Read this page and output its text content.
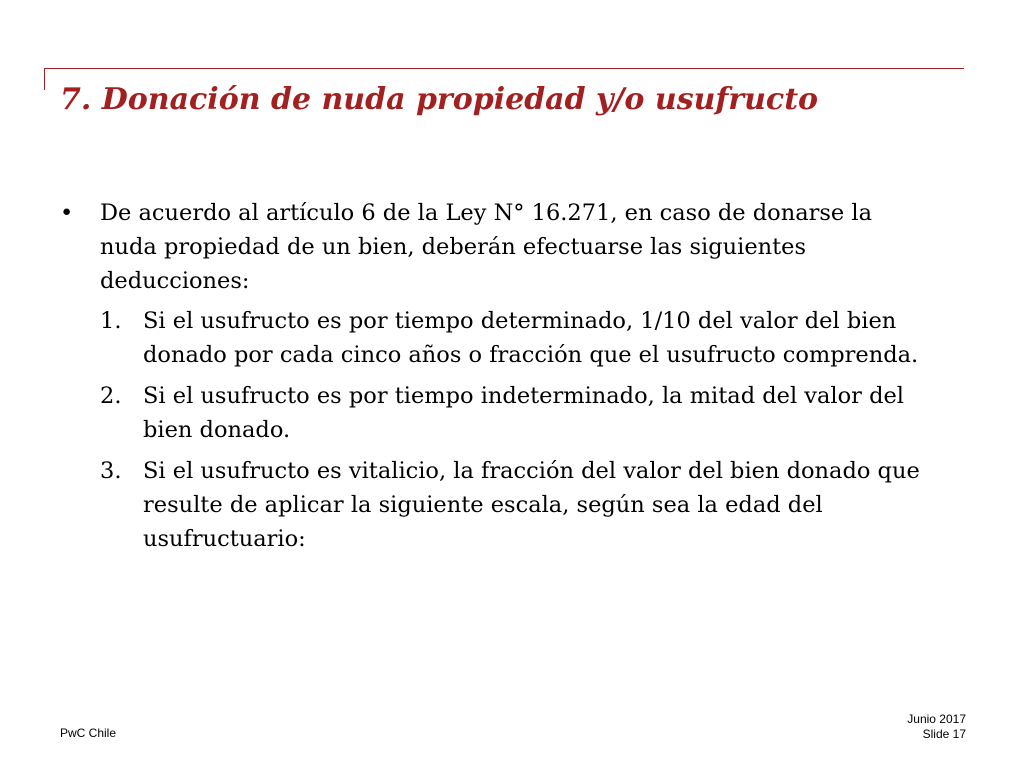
7. Donación de nuda propiedad y/o usufructo
• De acuerdo al artículo 6 de la Ley N° 16.271, en caso de donarse la nuda propiedad de un bien, deberán efectuarse las siguientes deducciones:
1. Si el usufructo es por tiempo determinado, 1/10 del valor del bien donado por cada cinco años o fracción que el usufructo comprenda.
2. Si el usufructo es por tiempo indeterminado, la mitad del valor del bien donado.
3. Si el usufructo es vitalicio, la fracción del valor del bien donado que resulte de aplicar la siguiente escala, según sea la edad del usufructuario:
PwC Chile
Junio 2017
Slide 17
